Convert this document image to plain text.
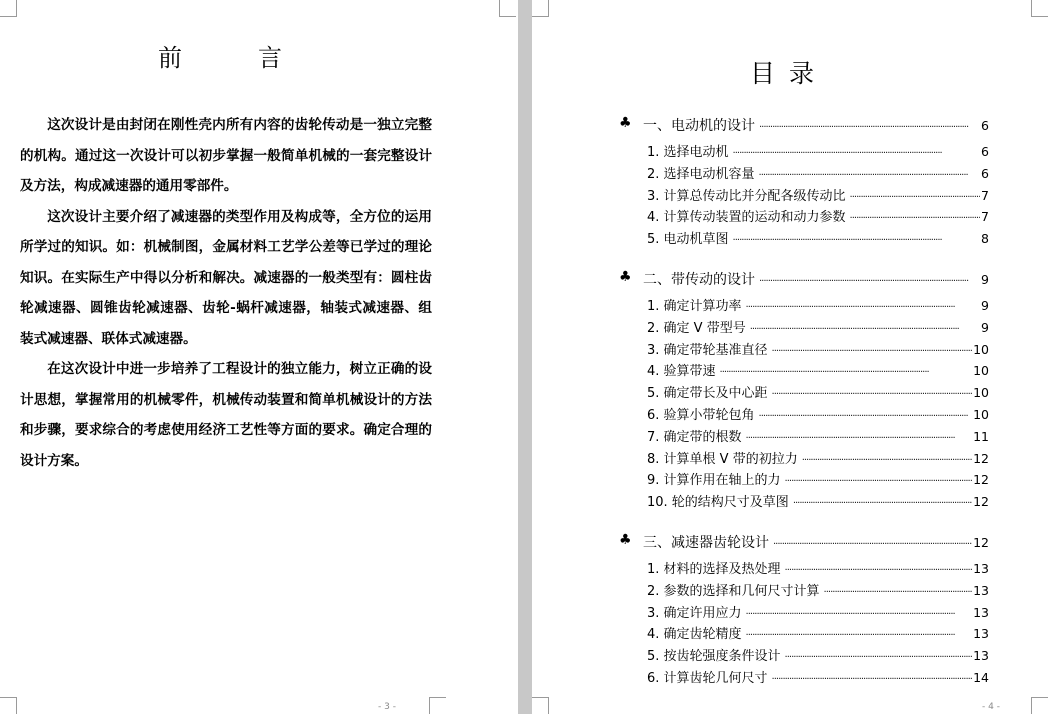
前　言

这次设计是由封闭在刚性壳内所有内容的齿轮传动是一独立完整的机构。通过这一次设计可以初步掌握一般简单机械的一套完整设计及方法，构成减速器的通用零部件。

这次设计主要介绍了减速器的类型作用及构成等，全方位的运用所学过的知识。如：机械制图，金属材料工艺学公差等已学过的理论知识。在实际生产中得以分析和解决。减速器的一般类型有：圆柱齿轮减速器、圆锥齿轮减速器、齿轮-蜗杆减速器，轴装式减速器、组装式减速器、联体式减速器。

在这次设计中进一步培养了工程设计的独立能力，树立正确的设计思想，掌握常用的机械零件，机械传动装置和简单机械设计的方法和步骤，要求综合的考虑使用经济工艺性等方面的要求。确定合理的设计方案。

- 3 -
目录
♣ 一、电动机的设计 ·····	6
1. 选择电动机 ·····	6
2. 选择电动机容量 ·····	6
3. 计算总传动比并分配各级传动比 ·····	7
4. 计算传动装置的运动和动力参数 ·····	7
5. 电动机草图 ·····	8
♣ 二、带传动的设计 ·····	9
1. 确定计算功率 ·····	9
2. 确定 V 带型号 ·····	9
3. 确定带轮基准直径 ·····	10
4. 验算带速 ·····	10
5. 确定带长及中心距 ·····	10
6. 验算小带轮包角 ·····	10
7. 确定带的根数 ·····	11
8. 计算单根 V 带的初拉力 ·····	12
9. 计算作用在轴上的力 ·····	12
10. 轮的结构尺寸及草图 ·····	12
♣ 三、减速器齿轮设计 ·····	12
1. 材料的选择及热处理 ·····	13
2. 参数的选择和几何尺寸计算 ·····	13
3. 确定许用应力 ·····	13
4. 确定齿轮精度 ·····	13
5. 按齿轮强度条件设计 ·····	13
6. 计算齿轮几何尺寸 ·····	14
- 4 -
